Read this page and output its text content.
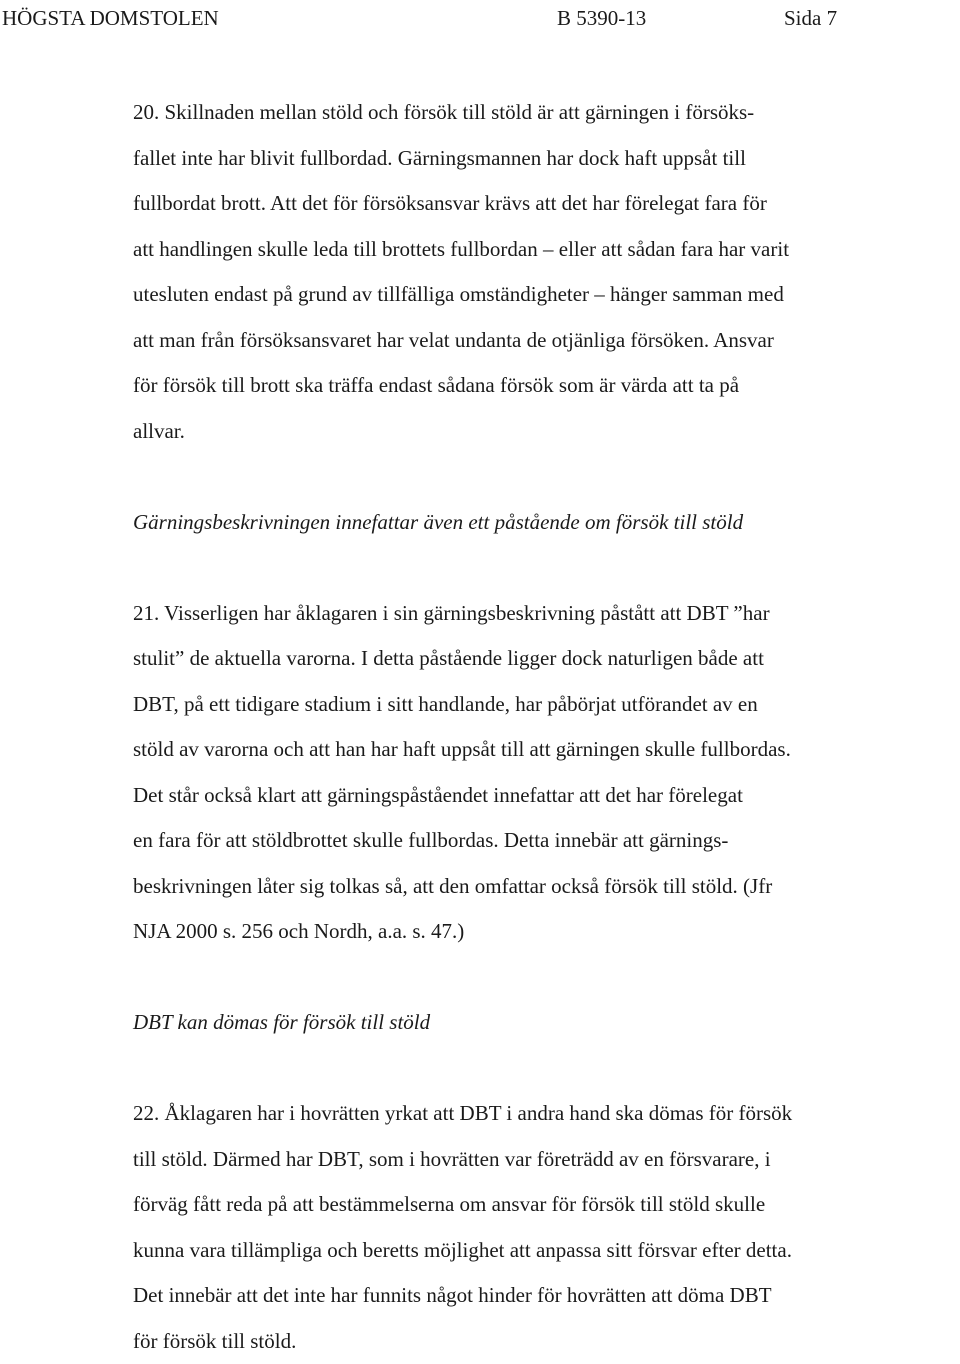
HÖGSTA DOMSTOLEN	B 5390-13	Sida 7
20. Skillnaden mellan stöld och försök till stöld är att gärningen i försöks-
fallet inte har blivit fullbordad. Gärningsmannen har dock haft uppsåt till
fullbordat brott. Att det för försöksansvar krävs att det har förelegat fara för
att handlingen skulle leda till brottets fullbordan – eller att sådan fara har varit
utesluten endast på grund av tillfälliga omständigheter – hänger samman med
att man från försöksansvaret har velat undanta de otjänliga försöken. Ansvar
för försök till brott ska träffa endast sådana försök som är värda att ta på
allvar.
Gärningsbeskrivningen innefattar även ett påstående om försök till stöld
21. Visserligen har åklagaren i sin gärningsbeskrivning påstått att DBT ”har
stulit” de aktuella varorna. I detta påstående ligger dock naturligen både att
DBT, på ett tidigare stadium i sitt handlande, har påbörjat utförandet av en
stöld av varorna och att han har haft uppsåt till att gärningen skulle fullbordas.
Det står också klart att gärningspåståendet innefattar att det har förelegat
en fara för att stöldbrottet skulle fullbordas. Detta innebär att gärnings-
beskrivningen låter sig tolkas så, att den omfattar också försök till stöld. (Jfr
NJA 2000 s. 256 och Nordh, a.a. s. 47.)
DBT kan dömas för försök till stöld
22. Åklagaren har i hovrätten yrkat att DBT i andra hand ska dömas för försök
till stöld. Därmed har DBT, som i hovrätten var företrädd av en försvarare, i
förväg fått reda på att bestämmelserna om ansvar för försök till stöld skulle
kunna vara tillämpliga och beretts möjlighet att anpassa sitt försvar efter detta.
Det innebär att det inte har funnits något hinder för hovrätten att döma DBT
för försök till stöld.
